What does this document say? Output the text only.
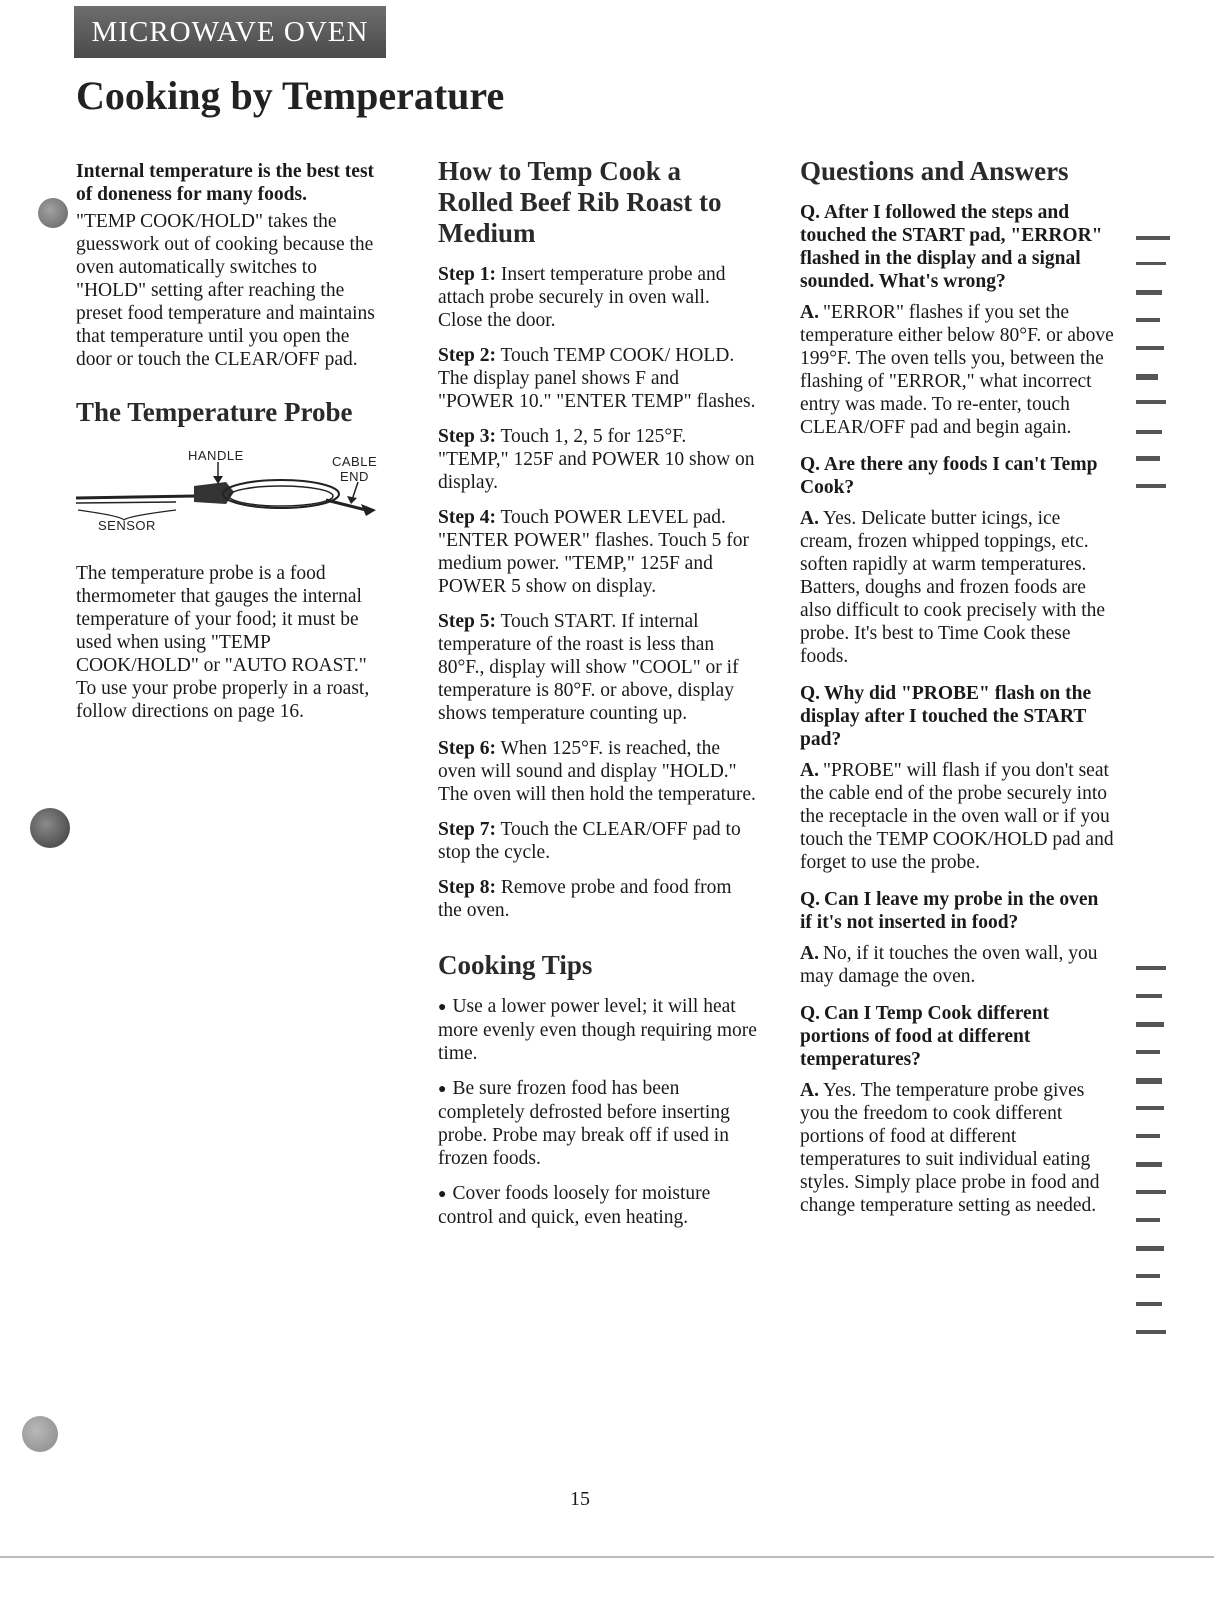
MICROWAVE OVEN
Cooking by Temperature

Internal temperature is the best test of doneness for many foods.

"TEMP COOK/HOLD" takes the guesswork out of cooking because the oven automatically switches to "HOLD" setting after reaching the preset food temperature and maintains that temperature until you open the door or touch the CLEAR/OFF pad.

The Temperature Probe
HANDLE	CABLE
END
SENSOR

The temperature probe is a food thermometer that gauges the internal temperature of your food; it must be used when using "TEMP COOK/HOLD" or "AUTO ROAST." To use your probe properly in a roast, follow directions on page 16.

How to Temp Cook a Rolled Beef Rib Roast to Medium

Step 1: Insert temperature probe and attach probe securely in oven wall. Close the door.

Step 2: Touch TEMP COOK/ HOLD. The display panel shows F and "POWER 10." "ENTER TEMP" flashes.

Step 3: Touch 1, 2, 5 for 125°F. "TEMP," 125F and POWER 10 show on display.

Step 4: Touch POWER LEVEL pad. "ENTER POWER" flashes. Touch 5 for medium power. "TEMP," 125F and POWER 5 show on display.

Step 5: Touch START. If internal temperature of the roast is less than 80°F., display will show "COOL" or if temperature is 80°F. or above, display shows temperature counting up.

Step 6: When 125°F. is reached, the oven will sound and display "HOLD." The oven will then hold the temperature.

Step 7: Touch the CLEAR/OFF pad to stop the cycle.

Step 8: Remove probe and food from the oven.

Cooking Tips

● Use a lower power level; it will heat more evenly even though requiring more time.

● Be sure frozen food has been completely defrosted before inserting probe. Probe may break off if used in frozen foods.

● Cover foods loosely for moisture control and quick, even heating.

Questions and Answers

Q. After I followed the steps and touched the START pad, "ERROR" flashed in the display and a signal sounded. What's wrong?

A. "ERROR" flashes if you set the temperature either below 80°F. or above 199°F. The oven tells you, between the flashing of "ERROR," what incorrect entry was made. To re-enter, touch CLEAR/OFF pad and begin again.

Q. Are there any foods I can't Temp Cook?

A. Yes. Delicate butter icings, ice cream, frozen whipped toppings, etc. soften rapidly at warm temperatures. Batters, doughs and frozen foods are also difficult to cook precisely with the probe. It's best to Time Cook these foods.

Q. Why did "PROBE" flash on the display after I touched the START pad?

A. "PROBE" will flash if you don't seat the cable end of the probe securely into the receptacle in the oven wall or if you touch the TEMP COOK/HOLD pad and forget to use the probe.

Q. Can I leave my probe in the oven if it's not inserted in food?

A. No, if it touches the oven wall, you may damage the oven.

Q. Can I Temp Cook different portions of food at different temperatures?

A. Yes. The temperature probe gives you the freedom to cook different portions of food at different temperatures to suit individual eating styles. Simply place probe in food and change temperature setting as needed.

15
